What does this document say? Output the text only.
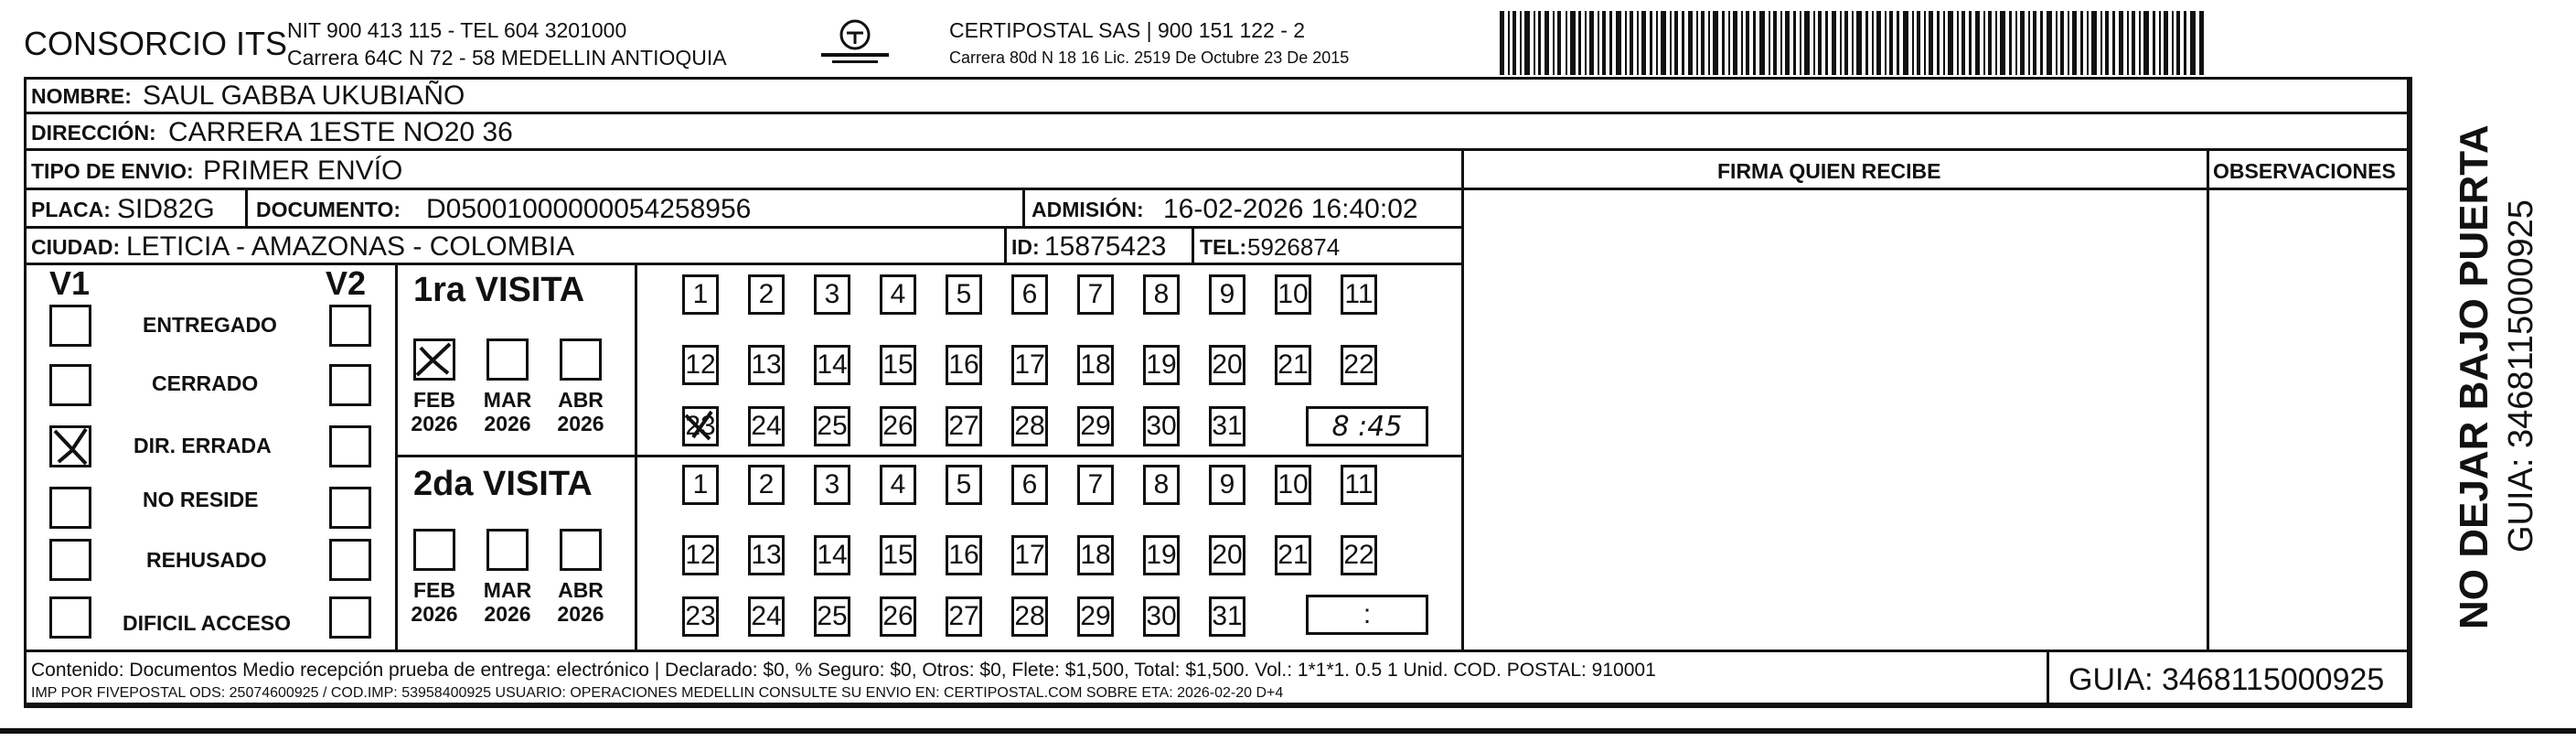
CONSORCIO ITS NIT 900 413 115 - TEL 604 3201000
Carrera 64C N 72 - 58 MEDELLIN ANTIOQUIA
CERTIPOSTAL SAS | 900 151 122 - 2
Carrera 80d N 18 16 Lic. 2519 De Octubre 23 De 2015
NOMBRE: SAUL GABBA UKUBIAÑO
DIRECCIÓN: CARRERA 1ESTE NO20 36
TIPO DE ENVIO: PRIMER ENVÍO	FIRMA QUIEN RECIBE	OBSERVACIONES
PLACA: SID82G DOCUMENTO: D05001000000054258956	ADMISIÓN: 16-02-2026 16:40:02
CIUDAD: LETICIA - AMAZONAS - COLOMBIA	ID: 15875423 TEL: 5926874
V1	V2
ENTREGADO
CERRADO
DIR. ERRADA
NO RESIDE
REHUSADO
DIFICIL ACCESO
1ra VISITA
FEB
2026
MAR
2026
ABR
2026
1 2 3 4 5 6 7 8 9 10 11
12 13 14 15 16 17 18 19 20 21 22
23 24 25 26 27 28 29 30 31	8 :45
2da VISITA
FEB
2026
MAR
2026
ABR
2026
1 2 3 4 5 6 7 8 9 10 11
12 13 14 15 16 17 18 19 20 21 22
23 24 25 26 27 28 29 30 31	:
Contenido: Documentos Medio recepción prueba de entrega: electrónico | Declarado: $0, % Seguro: $0, Otros: $0, Flete: $1,500, Total: $1,500. Vol.: 1*1*1. 0.5 1 Unid. COD. POSTAL: 910001
IMP POR FIVEPOSTAL ODS: 25074600925 / COD.IMP: 53958400925 USUARIO: OPERACIONES MEDELLIN CONSULTE SU ENVIO EN: CERTIPOSTAL.COM SOBRE ETA: 2026-02-20 D+4	GUIA: 3468115000925
NO DEJAR BAJO PUERTA GUIA: 3468115000925
